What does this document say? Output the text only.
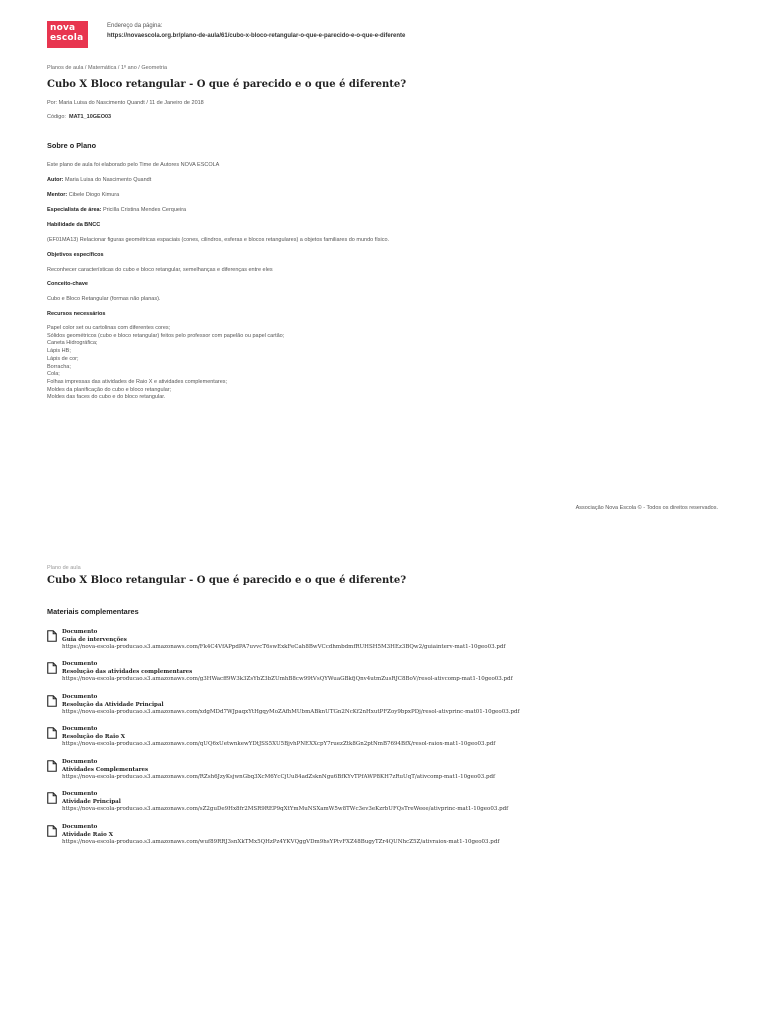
nova
escola
Endereço da página:
https://novaescola.org.br/plano-de-aula/61/cubo-x-bloco-retangular-o-que-e-parecido-e-o-que-e-diferente
Planos de aula / Matemática / 1º ano / Geometria
Cubo X Bloco retangular - O que é parecido e o que é diferente?
Por: Maria Luisa do Nascimento Quandt / 11 de Janeiro de 2018
Código: MAT1_10GEO03
Sobre o Plano
Este plano de aula foi elaborado pelo Time de Autores NOVA ESCOLA
Autor: Maria Luisa do Nascimento Quandt
Mentor: Cibele Diogo Kimura
Especialista de área: Pricilla Cristina Mendes Cerqueira
Habilidade da BNCC
(EF01MA13) Relacionar figuras geométricas espaciais (cones, cilindros, esferas e blocos retangulares) a objetos familiares do mundo físico.
Objetivos específicos
Reconhecer características do cubo e bloco retangular, semelhanças e diferenças entre eles
Conceito-chave
Cubo e Bloco Retangular (formas não planas).
Recursos necessários
Papel color set ou cartolinas com diferentes cores;
Sólidos geométricos (cubo e bloco retangular) feitos pelo professor com papelão ou papel cartão;
Caneta Hidrográfica;
Lápis HB;
Lápis de cor;
Borracha;
Cola;
Folhas impressas das atividades de Raio X e atividades complementares;
Moldes da planificação do cubo e bloco retangular;
Moldes das faces do cubo e do bloco retangular.
Associação Nova Escola © - Todos os direitos reservados.
Plano de aula
Cubo X Bloco retangular - O que é parecido e o que é diferente?
Materiais complementares
Documento
Guia de intervenções
https://nova-escola-producao.s3.amazonaws.com/Fk4C4VfAPpdPA7uvvcT6swExkFeCah8BwVCcdhmbdmfRUHSH5M3HEz3BQw2/guiainterv-mat1-10geo03.pdf
Documento
Resolução das atividades complementares
https://nova-escola-producao.s3.amazonaws.com/g3HWacff9W3k3ZsYbZ3bZUmhB8cw99tVsQYWuaGBkfjQnv4utmZusRJC8BoV/resol-ativcomp-mat1-10geo03.pdf
Documento
Resolução da Atividade Principal
https://nova-escola-producao.s3.amazonaws.com/xdgMDd7WJpaqxYtHgqyMoZAfhMUbmABknUTGn2NcKf2nHxutPFZoy9bpxPDj/resol-ativprinc-mat01-10geo03.pdf
Documento
Resolução do Raio X
https://nova-escola-producao.s3.amazonaws.com/qUQ6xUetwnkewYDtJSS5XU5BjvhPNEXXcpY7ruezZtk8Gn2ptNmB7694BfX/resol-raiox-mat1-10geo03.pdf
Documento
Atividades Complementares
https://nova-escola-producao.s3.amazonaws.com/RZsh6JzyKsjwnGbq3XcM6YcCjUu84adZsknNgu6BfKYvTPfAWP8KH7zRuUqT/ativcomp-mat1-10geo03.pdf
Documento
Atividade Principal
https://nova-escola-producao.s3.amazonaws.com/sZ2guDe9Hx8fr2MSR9REP9qXtYmMuNSXamW5w8TWc3ev3eKzrbUFQsTreWeee/ativprinc-mat1-10geo03.pdf
Documento
Atividade Raio X
https://nova-escola-producao.s3.amazonaws.com/wuf89RRJ3snXkTMx5QHzPz4YKVQggVDm9hsYPtvFXZ48BugyTZr4QUNhcZ5Z/ativraiox-mat1-10geo03.pdf
